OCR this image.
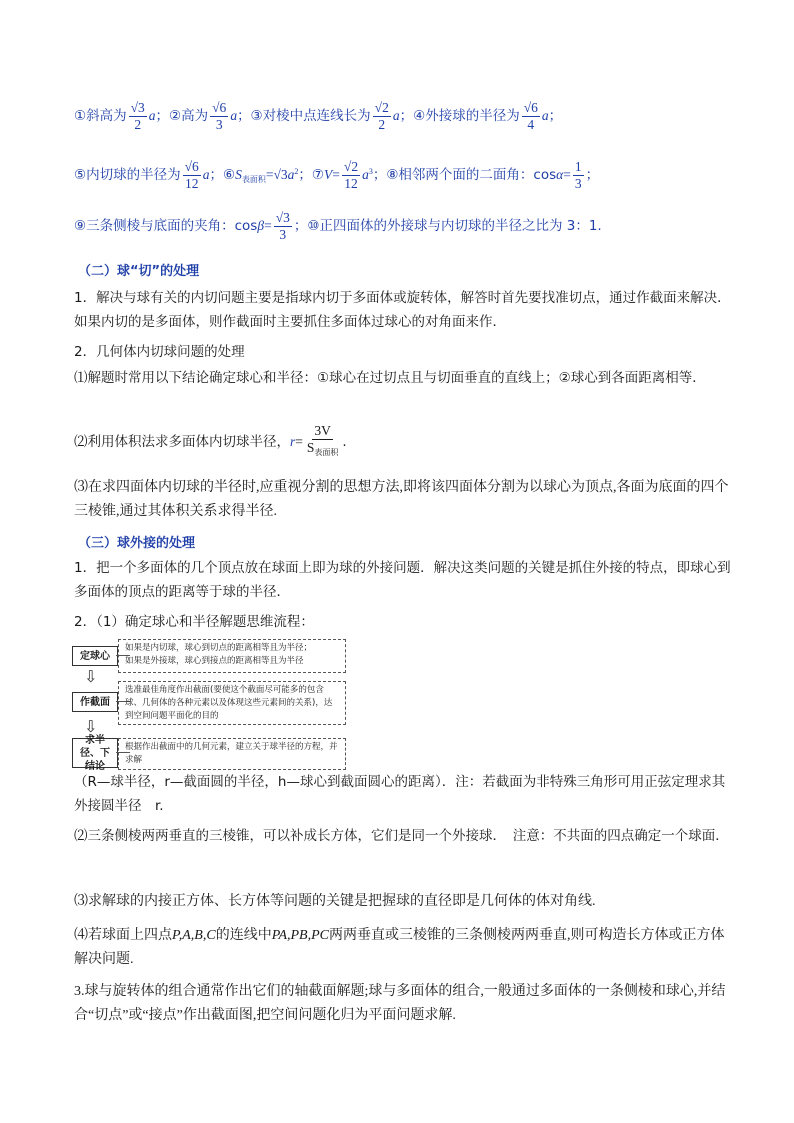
①斜高为 $\frac{√3}{2}$ a；②高为 $\frac{√6}{3}$ a；③对棱中点连线长为 $\frac{√2}{2}$ a；④外接球的半径为 $\frac{√6}{4}$ a；
⑤内切球的半径为 $\frac{√6}{12}$ a；$⑥S_{表面积}=√3a^2$；⑦V= $\frac{√2}{12} a^3$；⑧相邻两个面的二面角：$\cos\alpha= \frac{1}{3}$ ；
⑨三条侧棱与底面的夹角：$\cos\beta= \frac{√3}{3}$ ；⑩正四面体的外接球与内切球的半径之比为 3：1.
（二）球“切”的处理
1．解决与球有关的内切问题主要是指球内切于多面体或旋转体，解答时首先要找准切点，通过作截面来解决．如果内切的是多面体，则作截面时主要抓住多面体过球心的对角面来作．
2．几何体内切球问题的处理
⑴解题时常用以下结论确定球心和半径：①球心在过切点且与切面垂直的直线上；②球心到各面距离相等．
⑵利用体积法求多面体内切球半径，$r= \frac{3V}{S_{表面积}}$ .
⑶在求四面体内切球的半径时,应重视分割的思想方法,即将该四面体分割为以球心为顶点,各面为底面的四个三棱锥,通过其体积关系求得半径.
（三）球外接的处理
1．把一个多面体的几个顶点放在球面上即为球的外接问题．解决这类问题的关键是抓住外接的特点，即球心到多面体的顶点的距离等于球的半径．
2．（1）确定球心和半径解题思维流程：
定球心
如果是内切球，球心到切点的距离相等且为半径；
如果是外接球，球心到接点的距离相等且为半径
⇩
作截面
选准最佳角度作出截面(要使这个截面尽可能多的包含球、几何体的各种元素以及体现这些元素间的关系)，达到空间问题平面化的目的
⇩
求半径、下结论
根据作出截面中的几何元素，建立关于球半径的方程，并求解
（R—球半径，r—截面圆的半径，h—球心到截面圆心的距离）．注：若截面为非特殊三角形可用正弦定理求其外接圆半径　r.
⑵三条侧棱两两垂直的三棱锥，可以补成长方体，它们是同一个外接球．　注意：不共面的四点确定一个球面．
⑶求解球的内接正方体、长方体等问题的关键是把握球的直径即是几何体的体对角线.
⑷若球面上四点P,A,B,C的连线中PA,PB,PC两两垂直或三棱锥的三条侧棱两两垂直,则可构造长方体或正方体解决问题.
3.球与旋转体的组合通常作出它们的轴截面解题;球与多面体的组合,一般通过多面体的一条侧棱和球心,并结合“切点”或“接点”作出截面图,把空间问题化归为平面问题求解.
